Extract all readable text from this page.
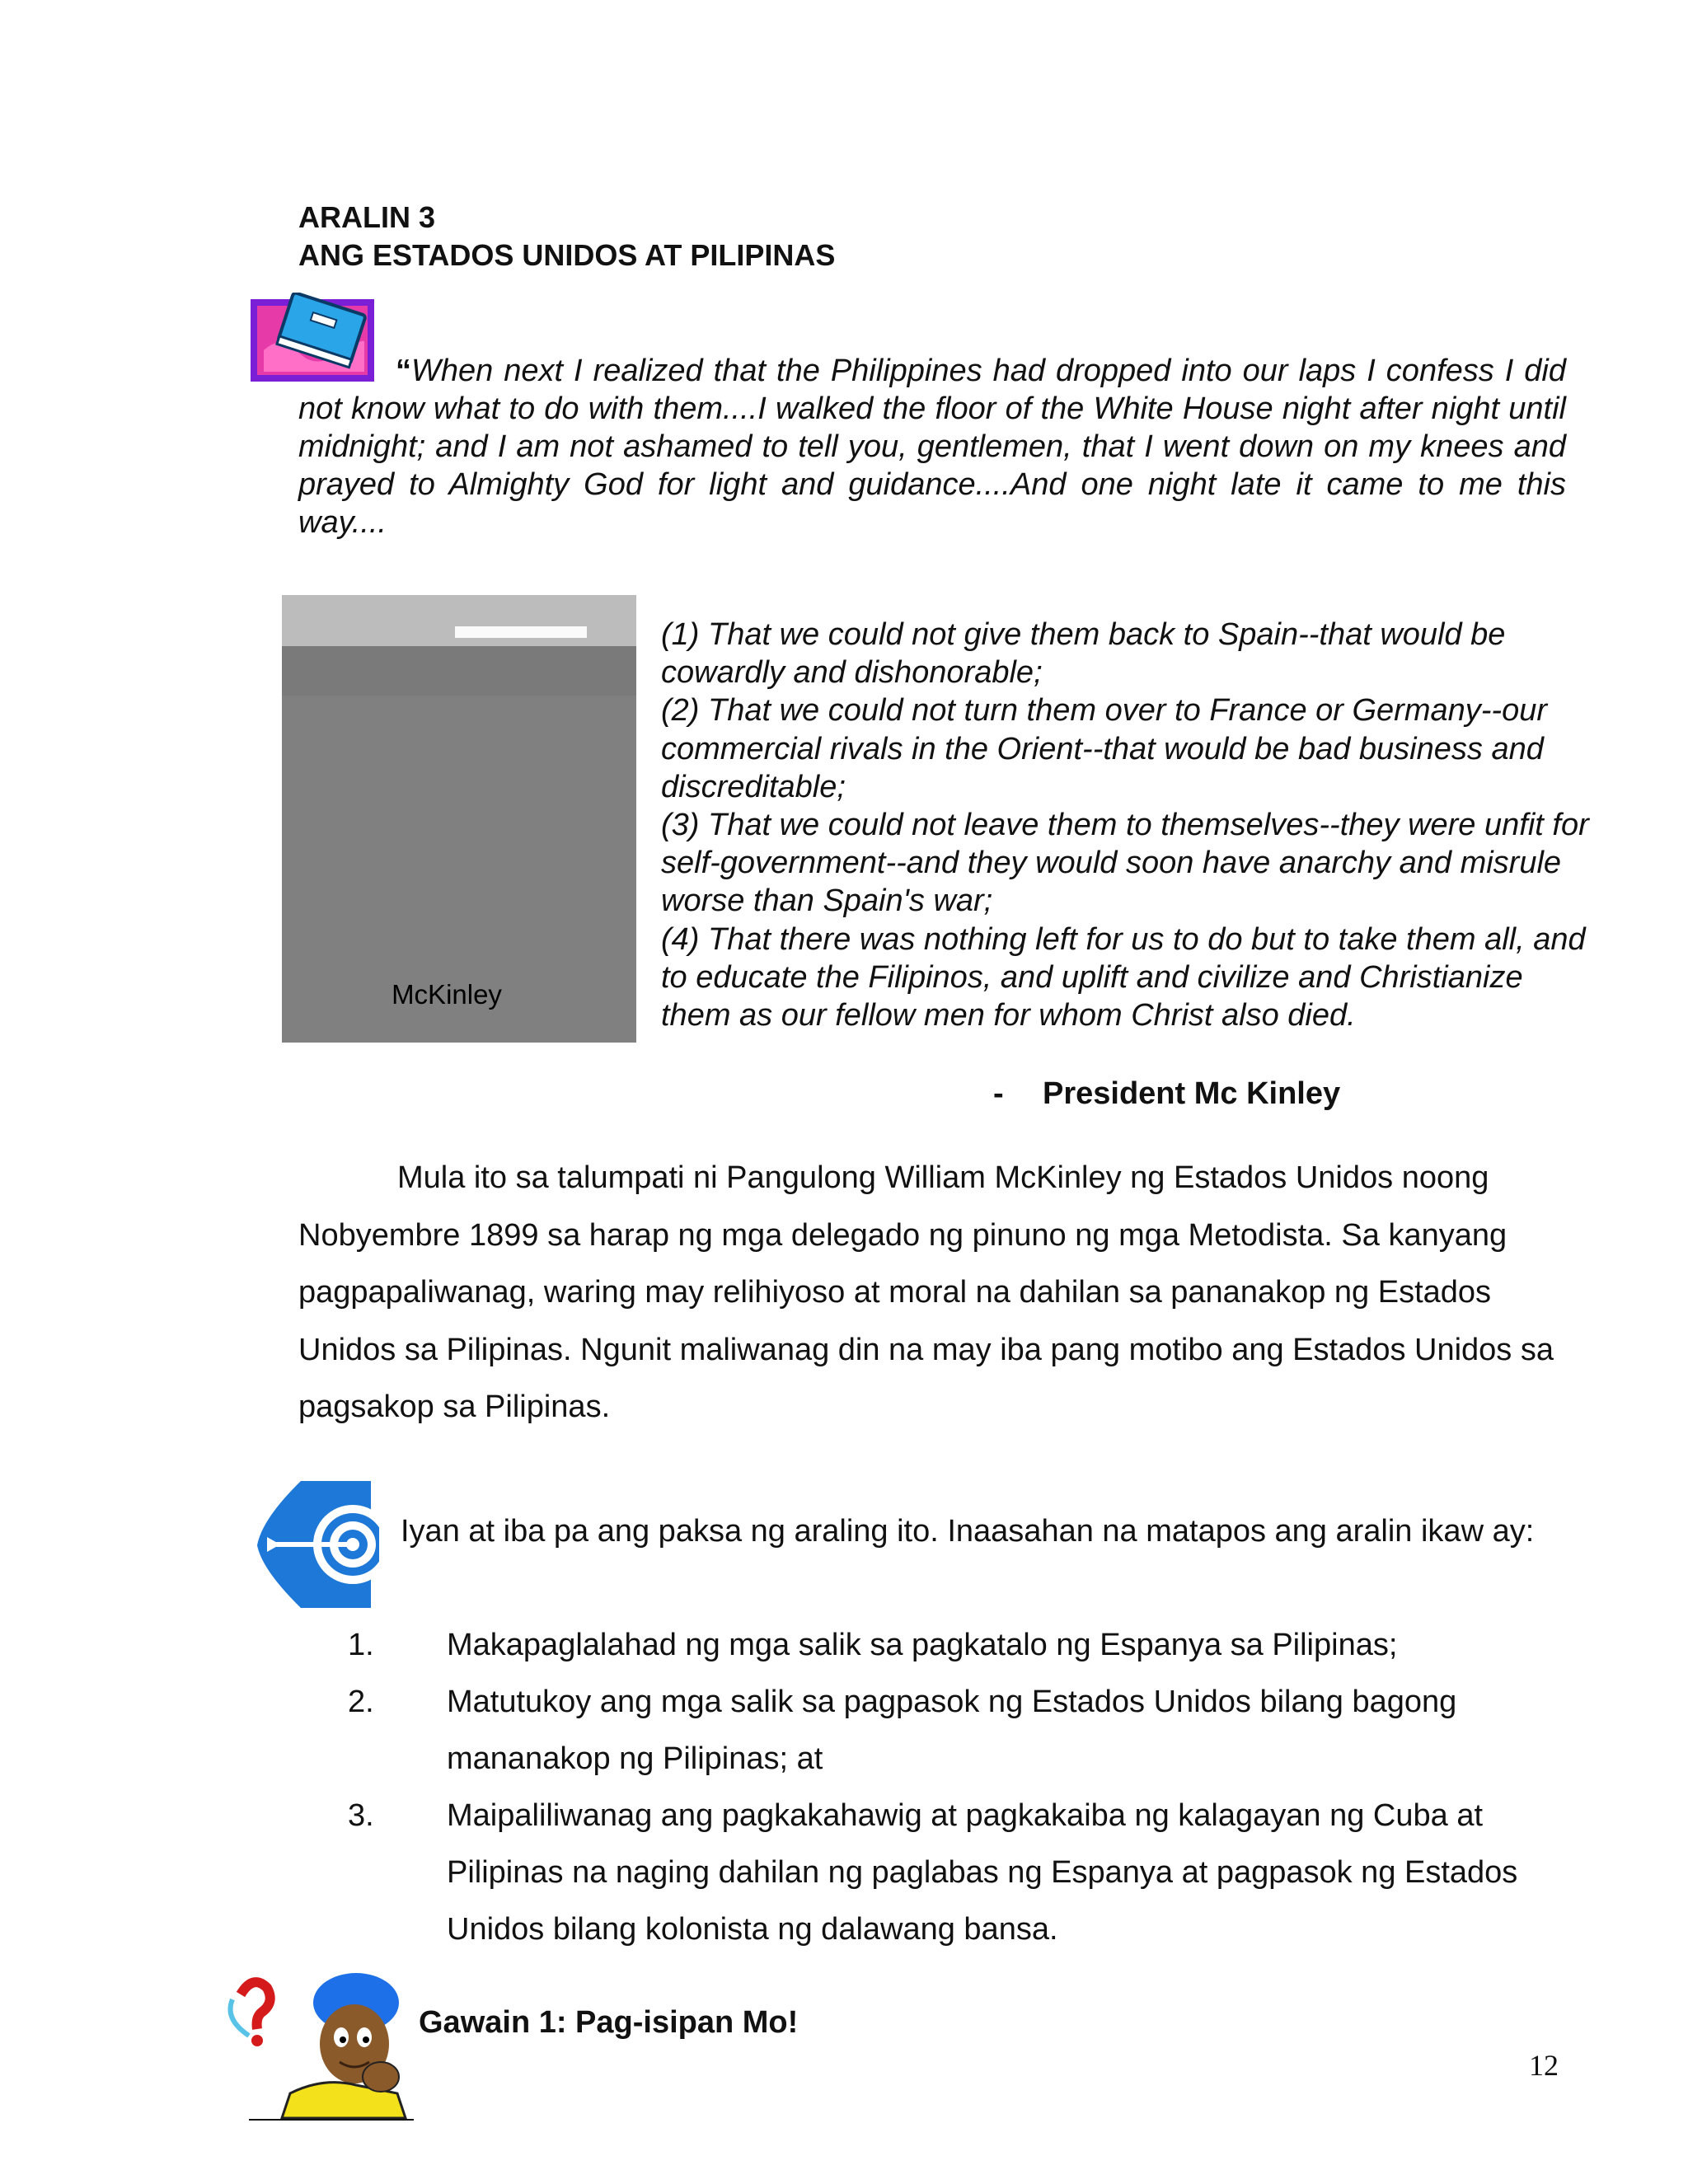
ARALIN 3
ANG ESTADOS UNIDOS AT PILIPINAS
“When next I realized that the Philippines had dropped into our laps I confess I did not know what to do with them....I walked the floor of the White House night after night until midnight; and I am not ashamed to tell you, gentlemen, that I went down on my knees and prayed to Almighty God for light and guidance....And one night late it came to me this way....
McKinley
(1) That we could not give them back to Spain--that would be cowardly and dishonorable;
(2) That we could not turn them over to France or Germany--our commercial rivals in the Orient--that would be bad business and discreditable;
(3) That we could not leave them to themselves--they were unfit for self-government--and they would soon have anarchy and misrule worse than Spain's war;
(4) That there was nothing left for us to do but to take them all, and to educate the Filipinos, and uplift and civilize and Christianize them as our fellow men for whom Christ also died.
- President Mc Kinley

Mula ito sa talumpati ni Pangulong William McKinley ng Estados Unidos noong

Nobyembre 1899 sa harap ng mga delegado ng pinuno ng mga Metodista. Sa kanyang pagpapaliwanag, waring may relihiyoso at moral na dahilan sa pananakop ng Estados Unidos sa Pilipinas. Ngunit maliwanag din na may iba pang motibo ang Estados Unidos sa pagsakop sa Pilipinas.

Iyan at iba pa ang paksa ng araling ito. Inaasahan na matapos ang aralin ikaw ay:
1. Makapaglalahad ng mga salik sa pagkatalo ng Espanya sa Pilipinas;
2. Matutukoy ang mga salik sa pagpasok ng Estados Unidos bilang bagong mananakop ng Pilipinas; at
3. Maipaliliwanag ang pagkakahawig at pagkakaiba ng kalagayan ng Cuba at Pilipinas na naging dahilan ng paglabas ng Espanya at pagpasok ng Estados Unidos bilang kolonista ng dalawang bansa.
Gawain 1: Pag-isipan Mo!
12
